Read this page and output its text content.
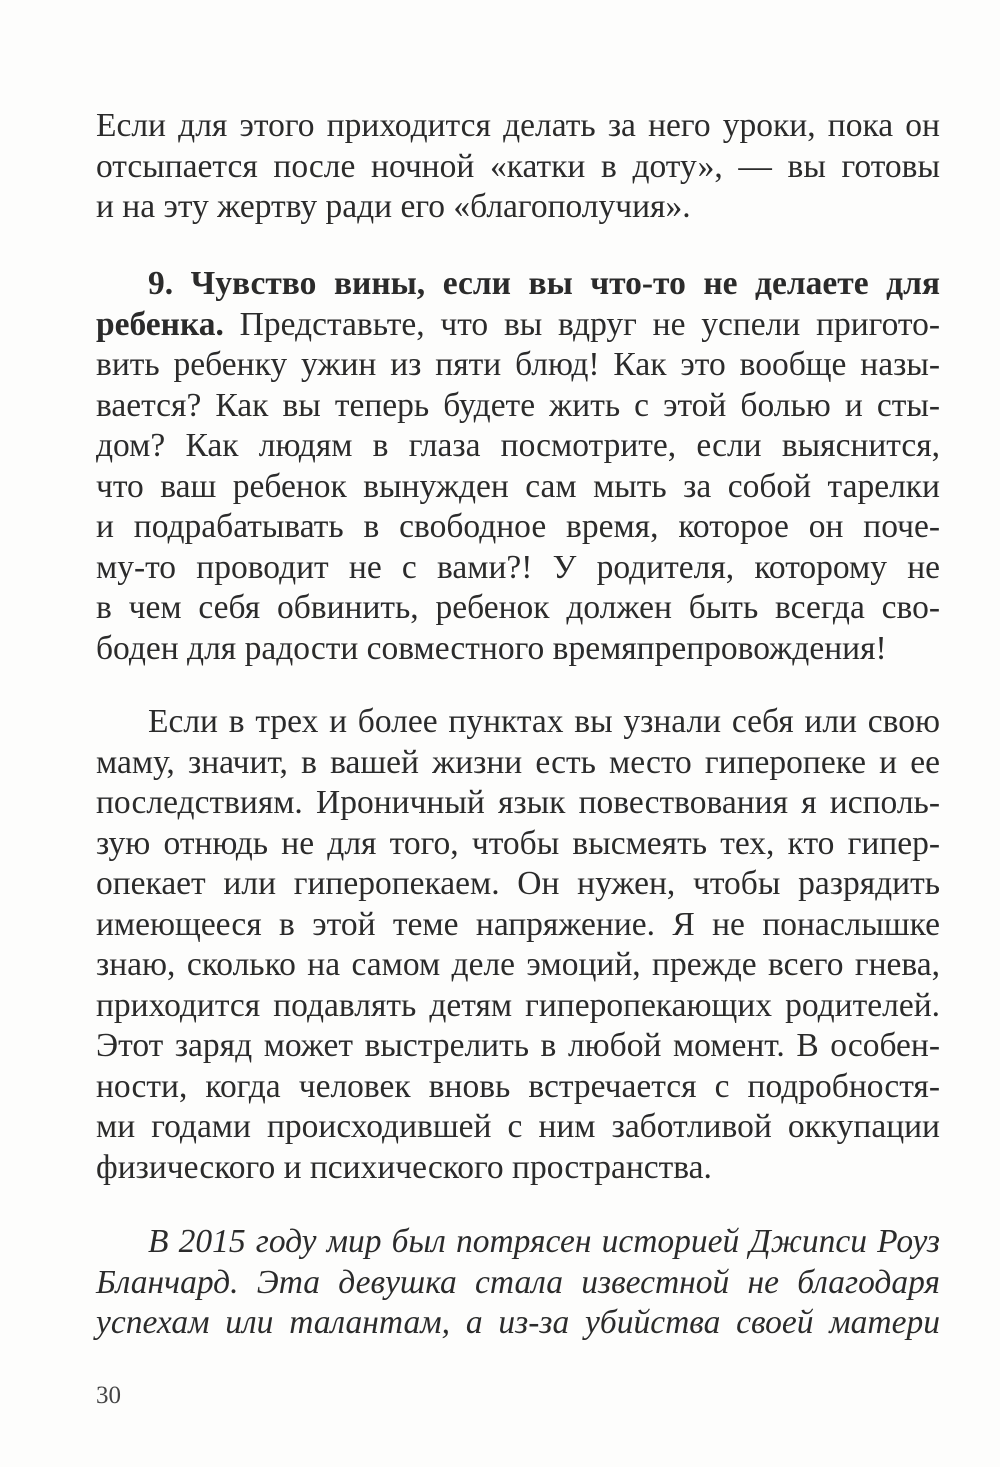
Если для этого приходится делать за него уроки, пока он
отсыпается после ночной «катки в доту», — вы готовы
и на эту жертву ради его «благополучия».
9. Чувство вины, если вы что-то не делаете для
ребенка. Представьте, что вы вдруг не успели пригото-
вить ребенку ужин из пяти блюд! Как это вообще назы-
вается? Как вы теперь будете жить с этой болью и сты-
дом? Как людям в глаза посмотрите, если выяснится,
что ваш ребенок вынужден сам мыть за собой тарелки
и подрабатывать в свободное время, которое он поче-
му-то проводит не с вами?! У родителя, которому не
в чем себя обвинить, ребенок должен быть всегда сво-
боден для радости совместного времяпрепровождения!
Если в трех и более пунктах вы узнали себя или свою
маму, значит, в вашей жизни есть место гиперопеке и ее
последствиям. Ироничный язык повествования я исполь-
зую отнюдь не для того, чтобы высмеять тех, кто гипер-
опекает или гиперопекаем. Он нужен, чтобы разрядить
имеющееся в этой теме напряжение. Я не понаслышке
знаю, сколько на самом деле эмоций, прежде всего гнева,
приходится подавлять детям гиперопекающих родителей.
Этот заряд может выстрелить в любой момент. В особен-
ности, когда человек вновь встречается с подробностя-
ми годами происходившей с ним заботливой оккупации
физического и психического пространства.
В 2015 году мир был потрясен историей Джипси Роуз
Бланчард. Эта девушка стала известной не благодаря
успехам или талантам, а из-за убийства своей матери
30
